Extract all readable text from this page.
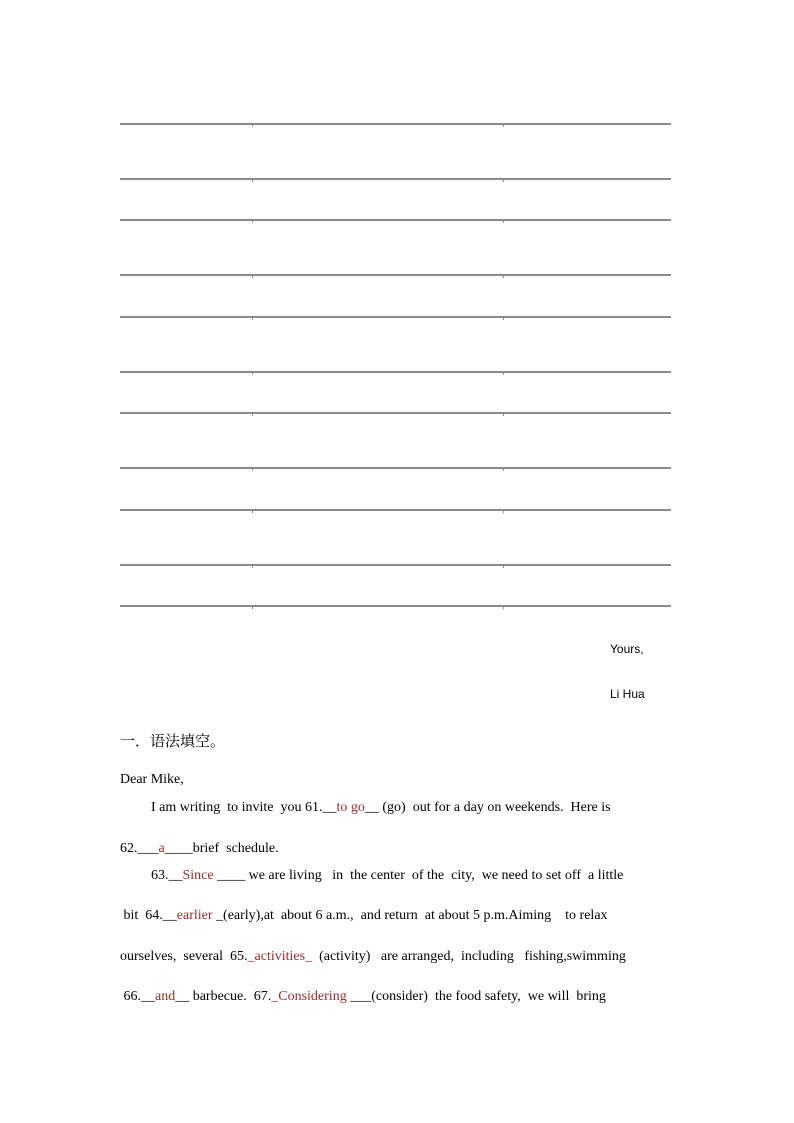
Yours,
Li Hua
一．语法填空。
Dear Mike,
I am writing  to invite  you 61.__to go__ (go)  out for a day on weekends.  Here is
62.___a____brief  schedule.
63.__Since ____ we are living   in  the center  of the  city,  we need to set off  a little
bit  64.__earlier _(early),at  about 6 a.m.,  and return  at about 5 p.m.Aiming    to relax
ourselves,  several  65._activities_  (activity)   are arranged,  including   fishing,swimming
66.__and__ barbecue.  67._Considering ___(consider)  the food safety,  we will  bring
